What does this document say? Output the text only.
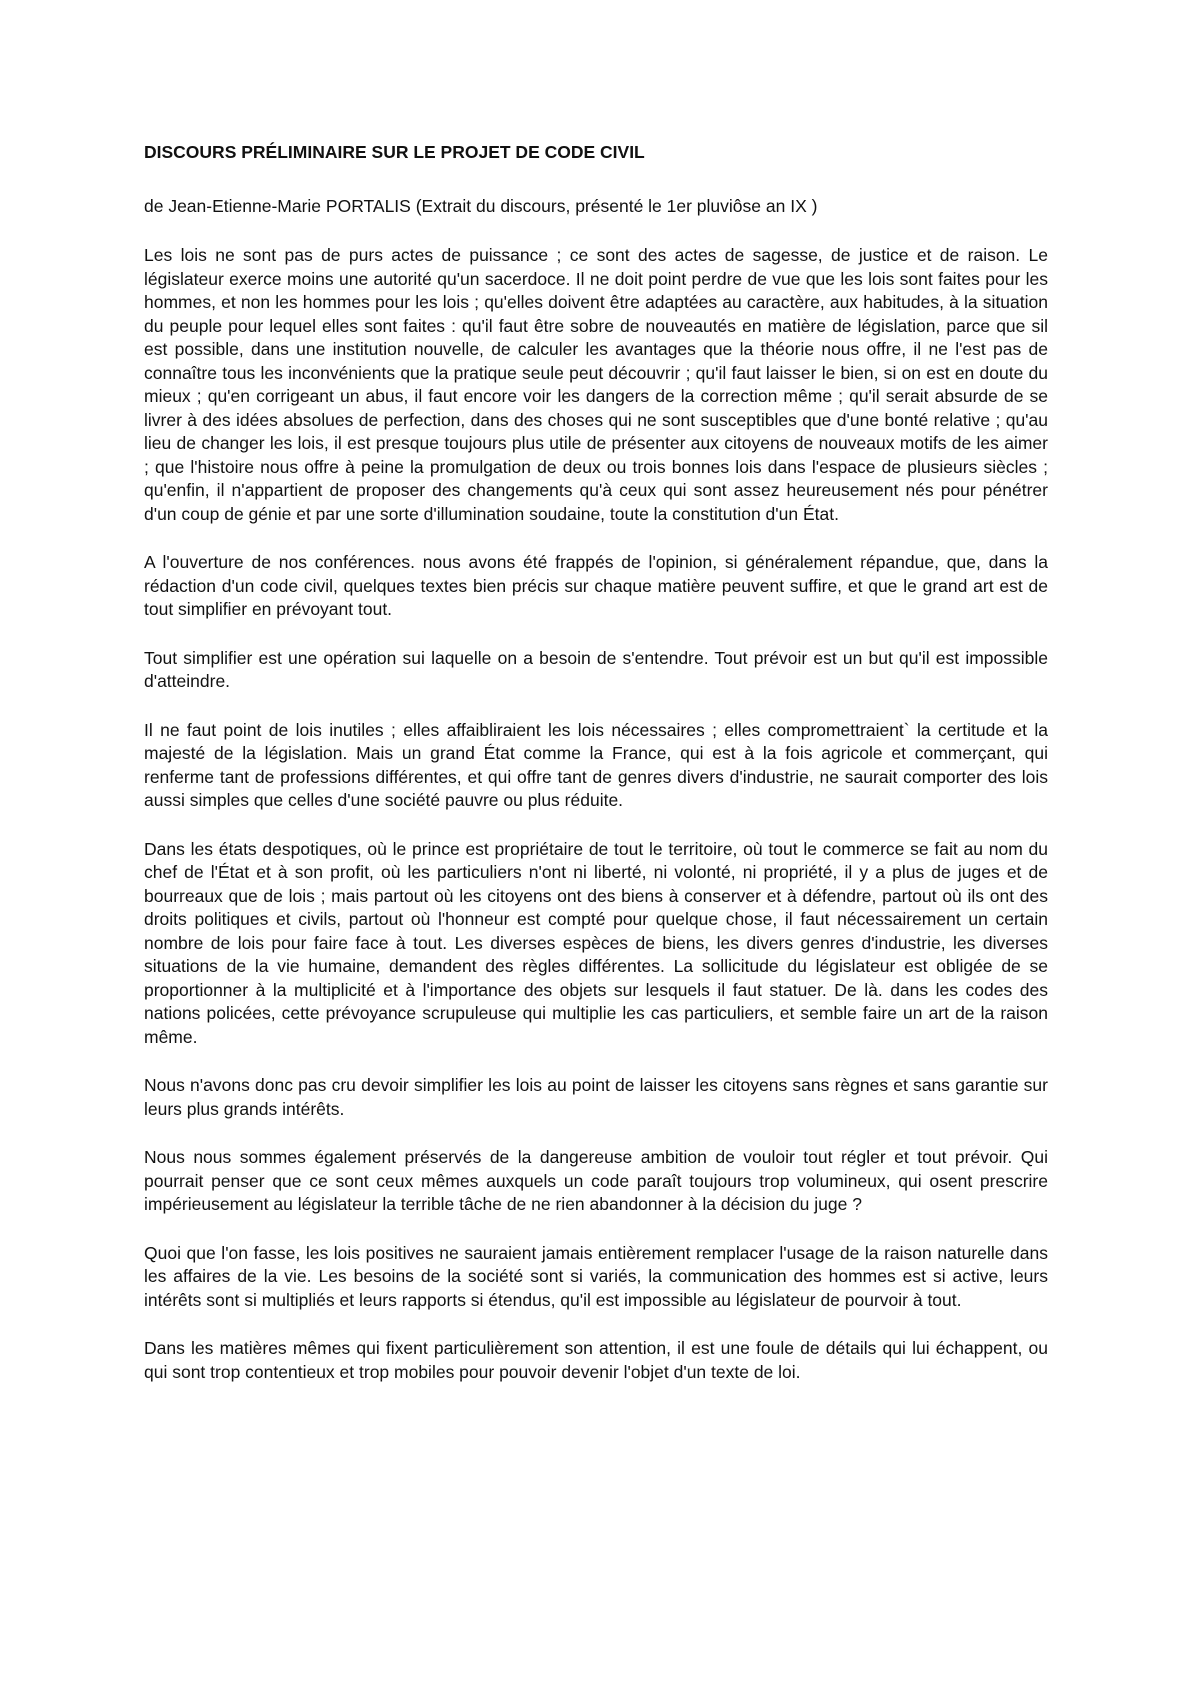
DISCOURS PRÉLIMINAIRE SUR LE PROJET DE CODE CIVIL
de Jean-Etienne-Marie PORTALIS (Extrait du discours, présenté le 1er pluviôse an IX )

Les lois ne sont pas de purs actes de puissance ; ce sont des actes de sagesse, de justice et de raison. Le législateur exerce moins une autorité qu'un sacerdoce. Il ne doit point perdre de vue que les lois sont faites pour les hommes, et non les hommes pour les lois ; qu'elles doivent être adaptées au caractère, aux habitudes, à la situation du peuple pour lequel elles sont faites : qu'il faut être sobre de nouveautés en matière de législation, parce que sil est possible, dans une institution nouvelle, de calculer les avantages que la théorie nous offre, il ne l'est pas de connaître tous les inconvénients que la pratique seule peut découvrir ; qu'il faut laisser le bien, si on est en doute du mieux ; qu'en corrigeant un abus, il faut encore voir les dangers de la correction même ; qu'il serait absurde de se livrer à des idées absolues de perfection, dans des choses qui ne sont susceptibles que d'une bonté relative ; qu'au lieu de changer les lois, il est presque toujours plus utile de présenter aux citoyens de nouveaux motifs de les aimer ; que l'histoire nous offre à peine la promulgation de deux ou trois bonnes lois dans l'espace de plusieurs siècles ; qu'enfin, il n'appartient de proposer des changements qu'à ceux qui sont assez heureusement nés pour pénétrer d'un coup de génie et par une sorte d'illumination soudaine, toute la constitution d'un État.

A l'ouverture de nos conférences. nous avons été frappés de l'opinion, si généralement répandue, que, dans la rédaction d'un code civil, quelques textes bien précis sur chaque matière peuvent suffire, et que le grand art est de tout simplifier en prévoyant tout.

Tout simplifier est une opération sui laquelle on a besoin de s'entendre. Tout prévoir est un but qu'il est impossible d'atteindre.

Il ne faut point de lois inutiles ; elles affaibliraient les lois nécessaires ; elles compromettraient` la certitude et la majesté de la législation. Mais un grand État comme la France, qui est à la fois agricole et commerçant, qui renferme tant de professions différentes, et qui offre tant de genres divers d'industrie, ne saurait comporter des lois aussi simples que celles d'une société pauvre ou plus réduite.

Dans les états despotiques, où le prince est propriétaire de tout le territoire, où tout le commerce se fait au nom du chef de l'État et à son profit, où les particuliers n'ont ni liberté, ni volonté, ni propriété, il y a plus de juges et de bourreaux que de lois ; mais partout où les citoyens ont des biens à conserver et à défendre, partout où ils ont des droits politiques et civils, partout où l'honneur est compté pour quelque chose, il faut nécessairement un certain nombre de lois pour faire face à tout. Les diverses espèces de biens, les divers genres d'industrie, les diverses situations de la vie humaine, demandent des règles différentes. La sollicitude du législateur est obligée de se proportionner à la multiplicité et à l'importance des objets sur lesquels il faut statuer. De là. dans les codes des nations policées, cette prévoyance scrupuleuse qui multiplie les cas particuliers, et semble faire un art de la raison même.

Nous n'avons donc pas cru devoir simplifier les lois au point de laisser les citoyens sans règnes et sans garantie sur leurs plus grands intérêts.

Nous nous sommes également préservés de la dangereuse ambition de vouloir tout régler et tout prévoir. Qui pourrait penser que ce sont ceux mêmes auxquels un code paraît toujours trop volumineux, qui osent prescrire impérieusement au législateur la terrible tâche de ne rien abandonner à la décision du juge ?

Quoi que l'on fasse, les lois positives ne sauraient jamais entièrement remplacer l'usage de la raison naturelle dans les affaires de la vie. Les besoins de la société sont si variés, la communication des hommes est si active, leurs intérêts sont si multipliés et leurs rapports si étendus, qu'il est impossible au législateur de pourvoir à tout.

Dans les matières mêmes qui fixent particulièrement son attention, il est une foule de détails qui lui échappent, ou qui sont trop contentieux et trop mobiles pour pouvoir devenir l'objet d'un texte de loi.
